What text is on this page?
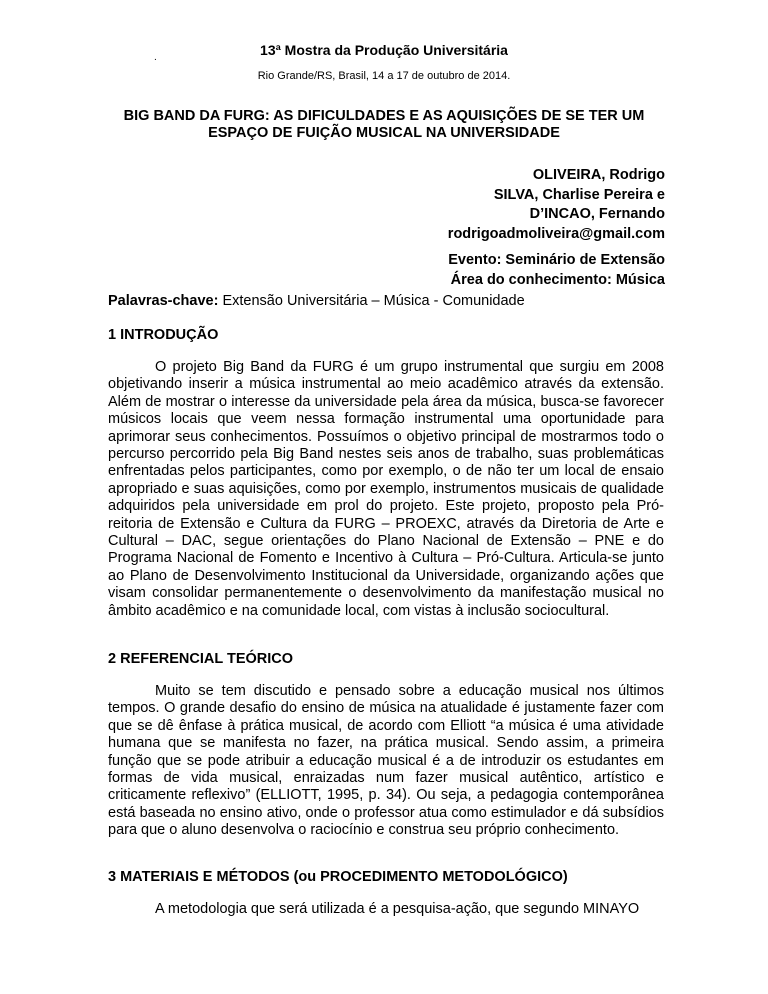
13ª Mostra da Produção Universitária

.

Rio Grande/RS, Brasil, 14 a 17 de outubro de 2014.

BIG BAND DA FURG: AS DIFICULDADES E AS AQUISIÇÕES DE SE TER UM ESPAÇO DE FUIÇÃO MUSICAL NA UNIVERSIDADE

OLIVEIRA, Rodrigo
SILVA, Charlise Pereira e
D’INCAO, Fernando
rodrigoadmoliveira@gmail.com
Evento: Seminário de Extensão
Área do conhecimento: Música

Palavras-chave: Extensão Universitária – Música - Comunidade

1 INTRODUÇÃO

O projeto Big Band da FURG é um grupo instrumental que surgiu em 2008 objetivando inserir a música instrumental ao meio acadêmico através da extensão. Além de mostrar o interesse da universidade pela área da música, busca-se favorecer músicos locais que veem nessa formação instrumental uma oportunidade para aprimorar seus conhecimentos. Possuímos o objetivo principal de mostrarmos todo o percurso percorrido pela Big Band nestes seis anos de trabalho, suas problemáticas enfrentadas pelos participantes, como por exemplo, o de não ter um local de ensaio apropriado e suas aquisições, como por exemplo, instrumentos musicais de qualidade adquiridos pela universidade em prol do projeto. Este projeto, proposto pela Pró-reitoria de Extensão e Cultura da FURG – PROEXC, através da Diretoria de Arte e Cultural – DAC, segue orientações do Plano Nacional de Extensão – PNE e do Programa Nacional de Fomento e Incentivo à Cultura – Pró-Cultura. Articula-se junto ao Plano de Desenvolvimento Institucional da Universidade, organizando ações que visam consolidar permanentemente o desenvolvimento da manifestação musical no âmbito acadêmico e na comunidade local, com vistas à inclusão sociocultural.

2 REFERENCIAL TEÓRICO

Muito se tem discutido e pensado sobre a educação musical nos últimos tempos. O grande desafio do ensino de música na atualidade é justamente fazer com que se dê ênfase à prática musical, de acordo com Elliott “a música é uma atividade humana que se manifesta no fazer, na prática musical. Sendo assim, a primeira função que se pode atribuir a educação musical é a de introduzir os estudantes em formas de vida musical, enraizadas num fazer musical autêntico, artístico e criticamente reflexivo” (ELLIOTT, 1995, p. 34). Ou seja, a pedagogia contemporânea está baseada no ensino ativo, onde o professor atua como estimulador e dá subsídios para que o aluno desenvolva o raciocínio e construa seu próprio conhecimento.

3 MATERIAIS E MÉTODOS (ou PROCEDIMENTO METODOLÓGICO)

A metodologia que será utilizada é a pesquisa-ação, que segundo MINAYO
